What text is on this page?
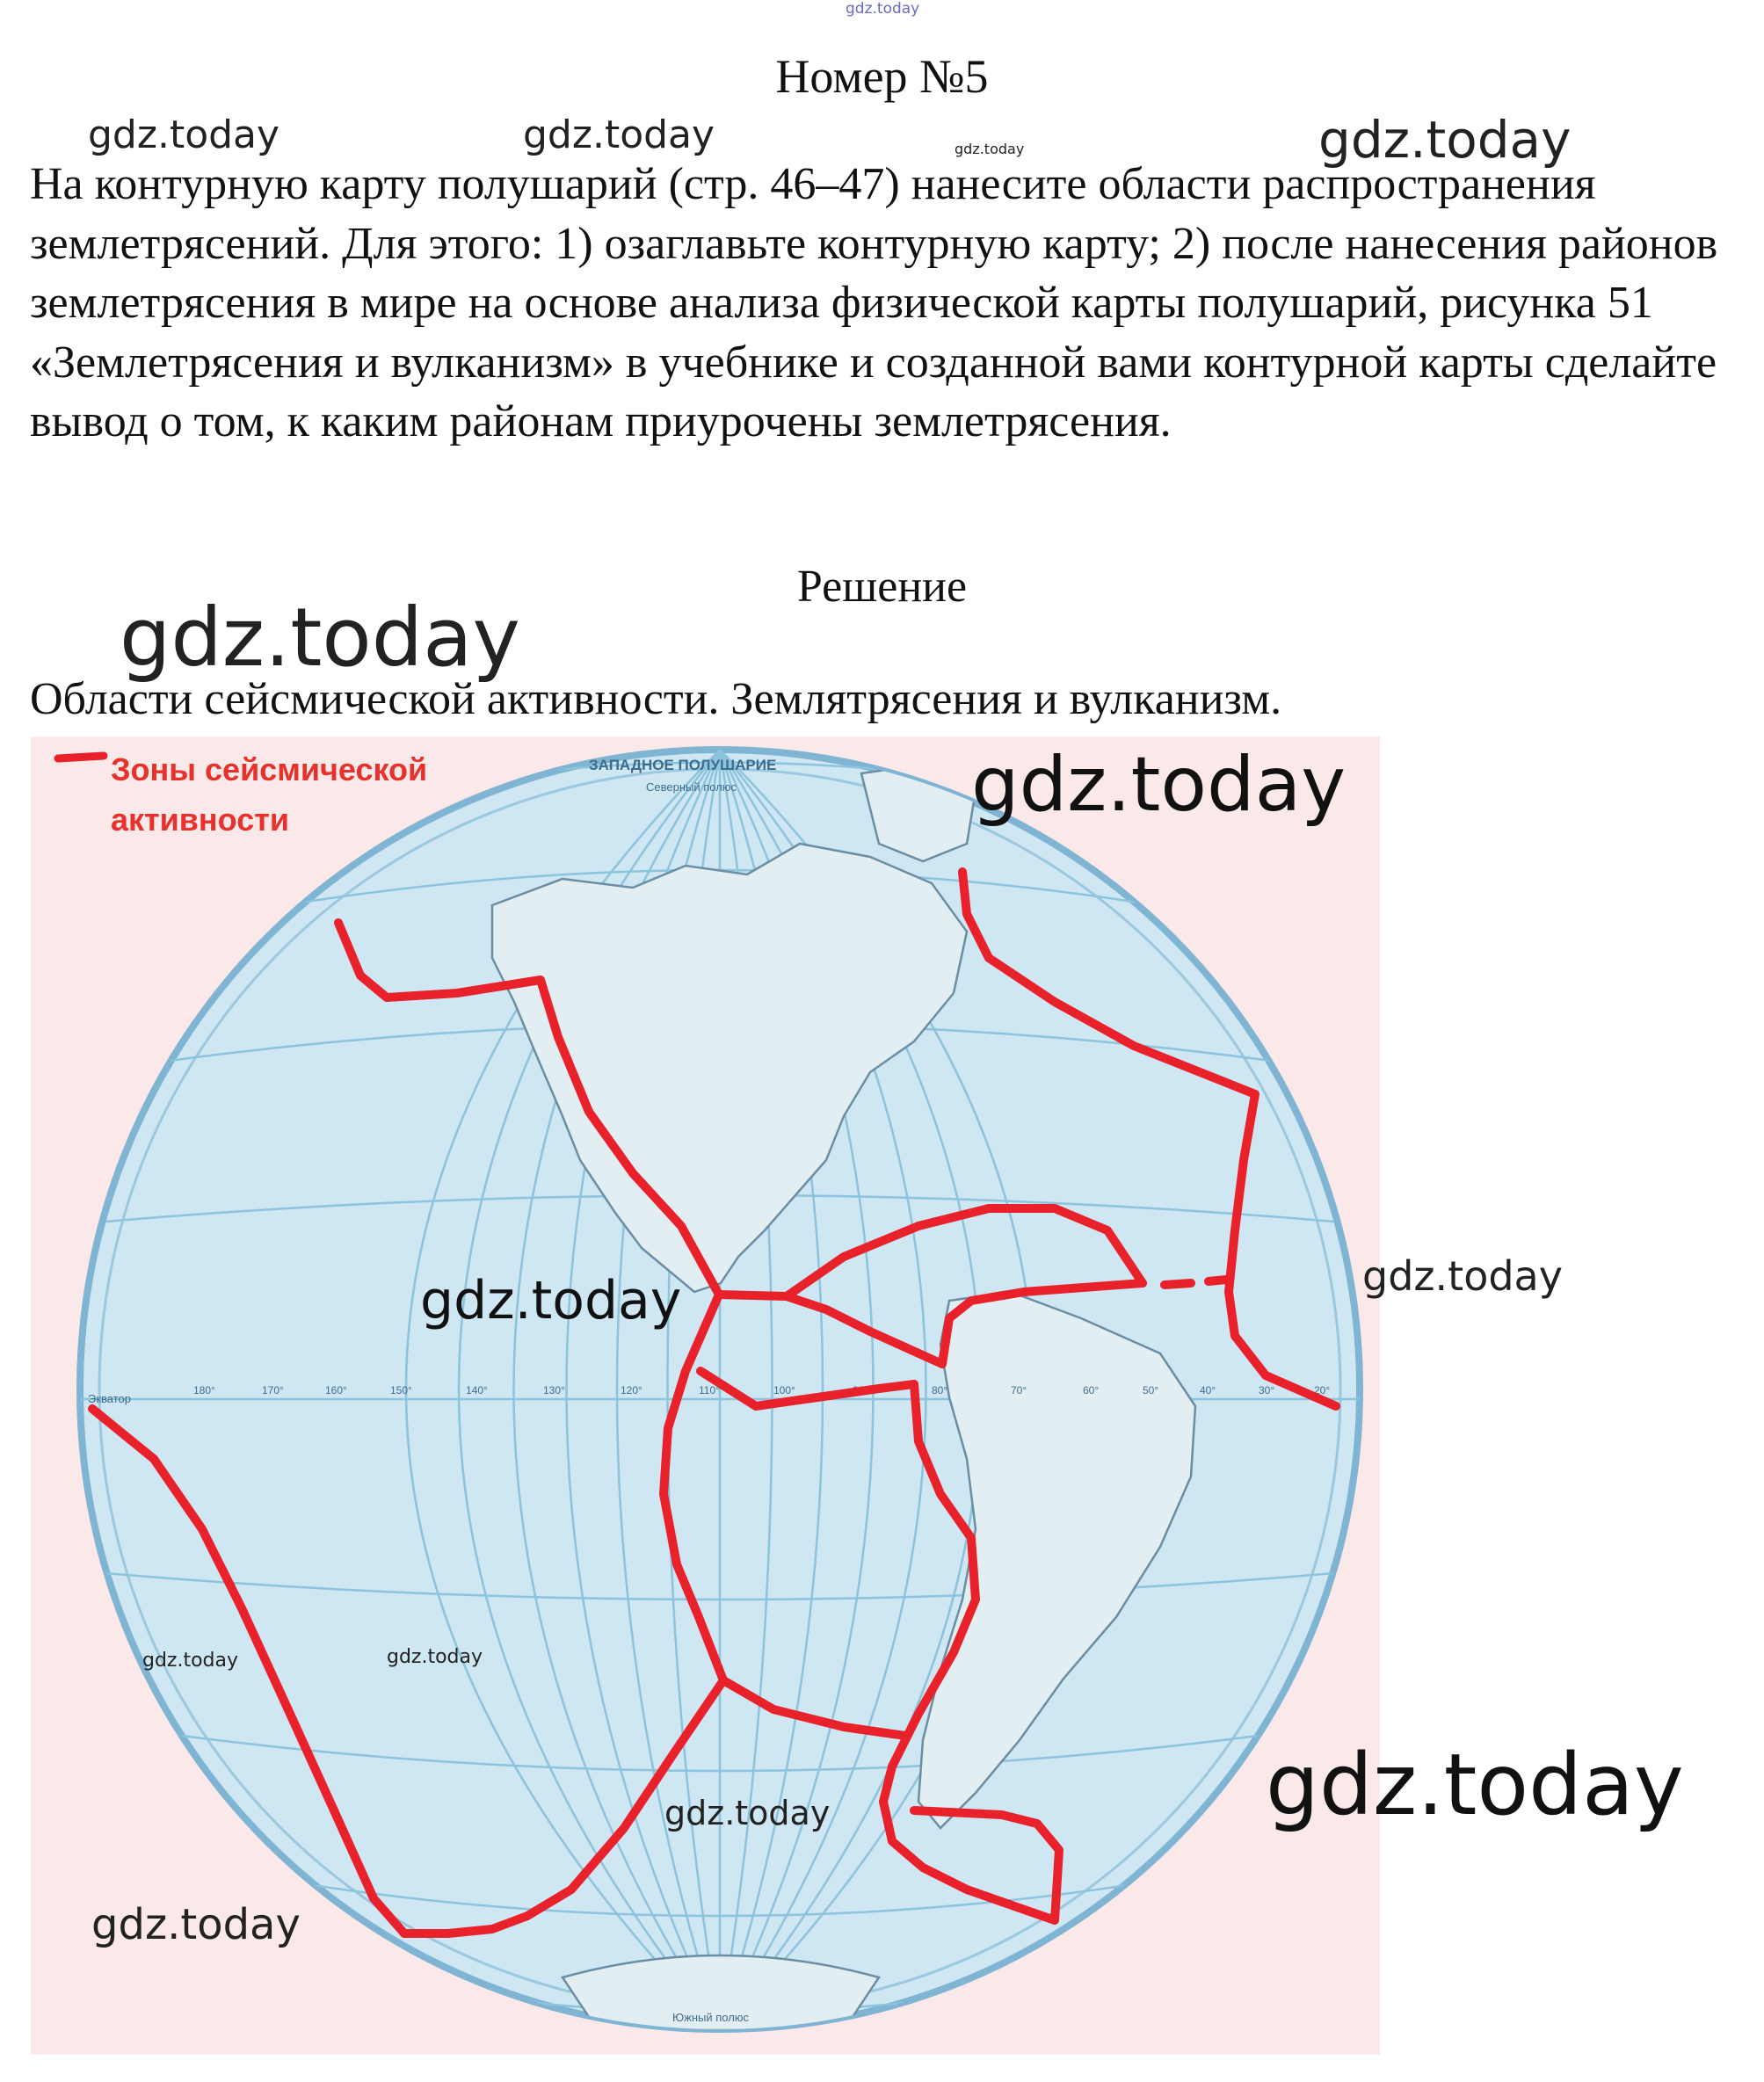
gdz.today
Номер №5
gdz.today	gdz.today	gdz.today	gdz.today

На контурную карту полушарий (стр. 46–47) нанесите области распространения землетрясений. Для этого: 1) озаглавьте контурную карту; 2) после нанесения районов землетрясения в мире на основе анализа физической карты полушарий, рисунка 51 «Землетрясения и вулканизм» в учебнике и созданной вами контурной карты сделайте вывод о том, к каким районам приурочены землетрясения.

Решение
gdz.today
Области сейсмической активности. Землятрясения и вулканизм.
ЗАПАДНОЕ ПОЛУШАРИЕ
Северный полюс
Южный полюс
Экватор
180°	170°	160°	150°	140°	130°	120°	110°	100°	90°	80°	70°	60°	50°	40°	30°	20°
Зоны сейсмической
активности	gdz.today
gdz.today
gdz.today
gdz.today	gdz.today
gdz.today	gdz.today
gdz.today
